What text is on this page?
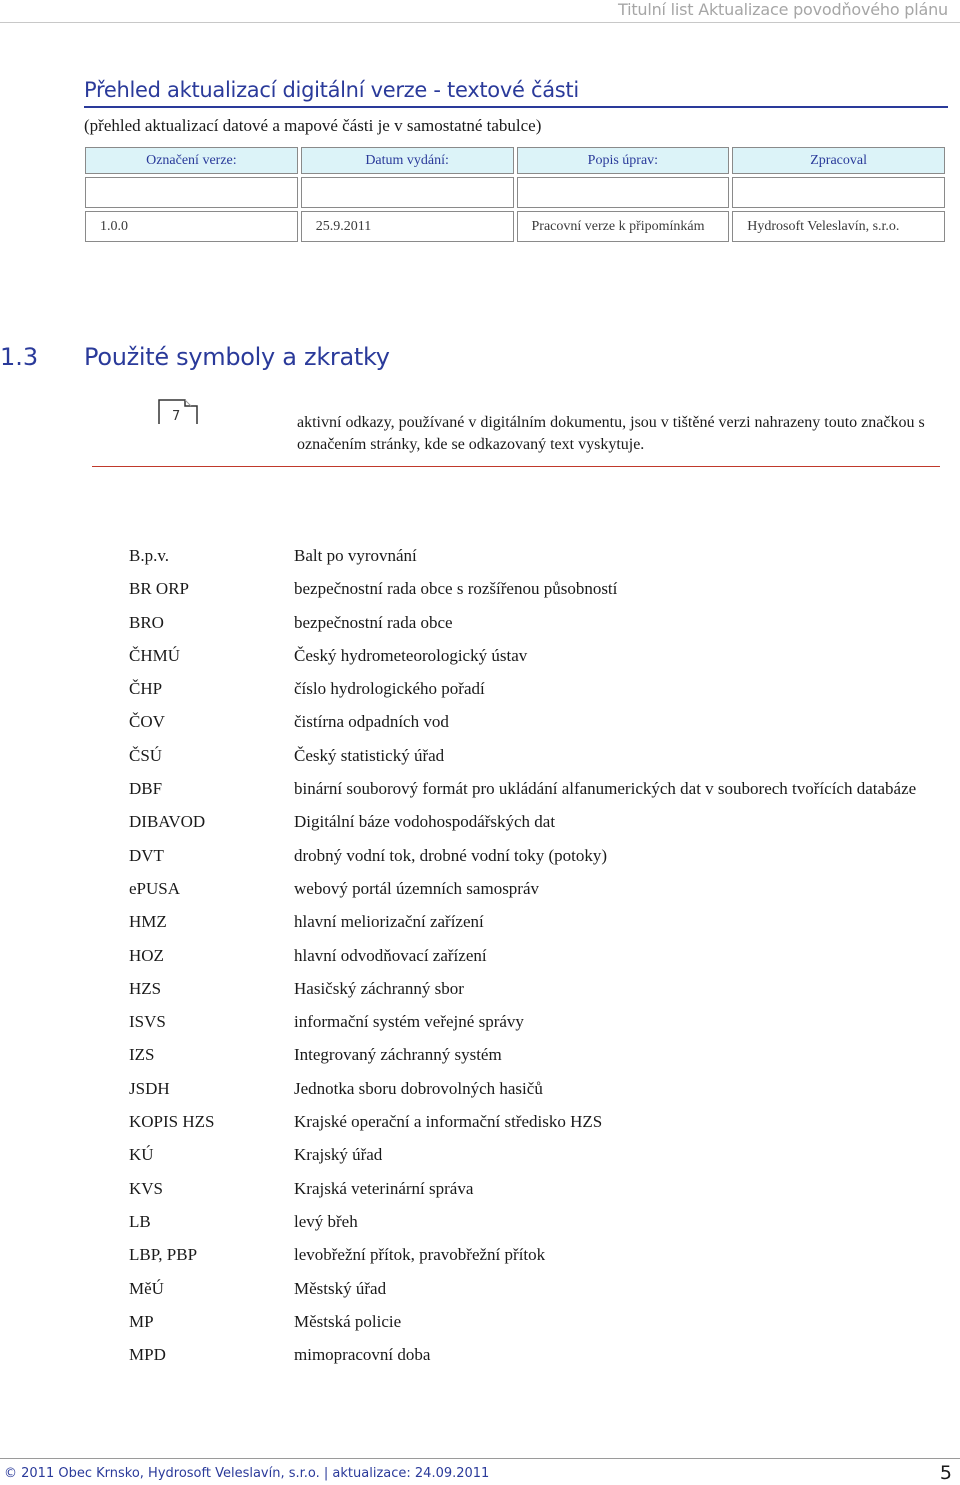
Titulní list Aktualizace povodňového plánu
Přehled aktualizací digitální verze - textové části
(přehled aktualizací datové a mapové části je v samostatné tabulce)
Označení verze:	Datum vydání:	Popis úprav:	Zpracoval

1.0.0	25.9.2011	Pracovní verze k připomínkám	Hydrosoft Veleslavín, s.r.o.
1.3 Použité symboly a zkratky
7	aktivní odkazy, používané v digitálním dokumentu, jsou v tištěné verzi nahrazeny touto značkou s označením stránky, kde se odkazovaný text vyskytuje.
B.p.v.	Balt po vyrovnání
BR ORP	bezpečnostní rada obce s rozšířenou působností
BRO	bezpečnostní rada obce
ČHMÚ	Český hydrometeorologický ústav
ČHP	číslo hydrologického pořadí
ČOV	čistírna odpadních vod
ČSÚ	Český statistický úřad
DBF	binární souborový formát pro ukládání alfanumerických dat v souborech tvořících databáze
DIBAVOD	Digitální báze vodohospodářských dat
DVT	drobný vodní tok, drobné vodní toky (potoky)
ePUSA	webový portál územních samospráv
HMZ	hlavní meliorizační zařízení
HOZ	hlavní odvodňovací zařízení
HZS	Hasičský záchranný sbor
ISVS	informační systém veřejné správy
IZS	Integrovaný záchranný systém
JSDH	Jednotka sboru dobrovolných hasičů
KOPIS HZS	Krajské operační a informační středisko HZS
KÚ	Krajský úřad
KVS	Krajská veterinární správa
LB	levý břeh
LBP, PBP	levobřežní přítok, pravobřežní přítok
MěÚ	Městský úřad
MP	Městská policie
MPD	mimopracovní doba
© 2011 Obec Krnsko, Hydrosoft Veleslavín, s.r.o. | aktualizace: 24.09.2011	5
